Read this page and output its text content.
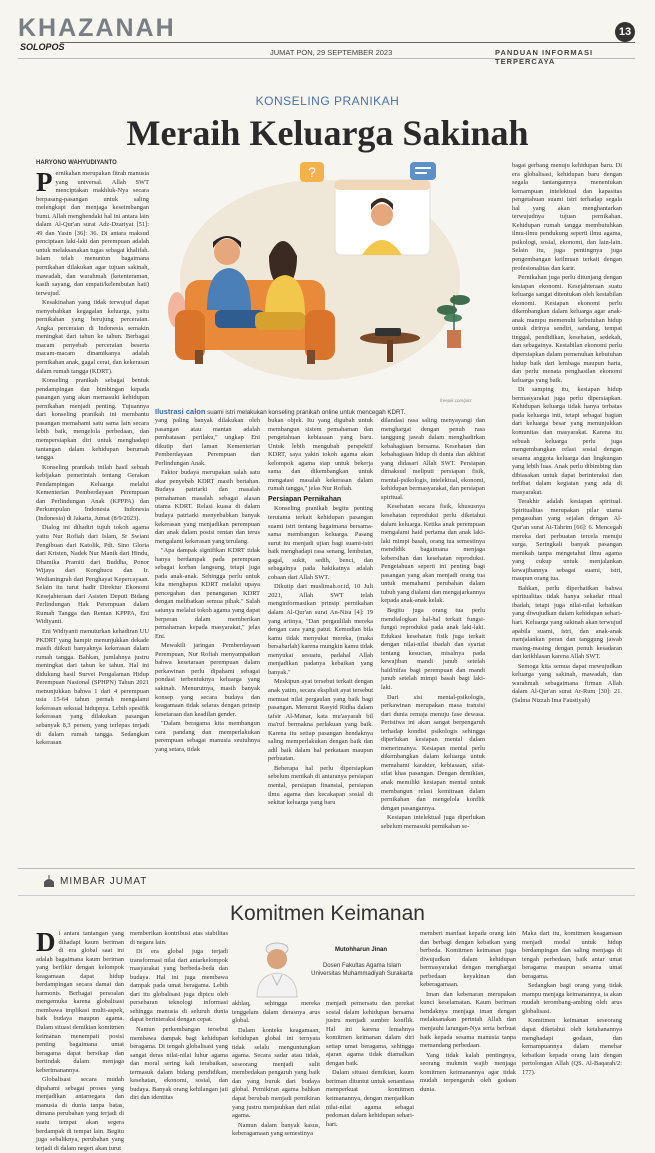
KHAZANAH
SOLOPOS
13
JUMAT PON, 29 SEPTEMBER 2023	PANDUAN INFORMASI TERPERCAYA
KONSELING PRANIKAH
Meraih Keluarga Sakinah
HARYONO WAHYUDIYANTO
P ernikahan merupakan fitrah manusia yang universal. Allah SWT menciptakan makhluk-Nya secara berpasang-pasangan untuk saling melengkapi dan menjaga keseimbangan bumi. Allah menghendaki hal ini antara lain dalam Al-Qur'an surat Adz-Dzariyat [51]: 49 dan Yasin [36]: 36. Di antara maksud penciptaan laki-laki dan perempuan adalah untuk melaksanakan tugas sebagai khalifah. Islam telah menuntun bagaimana pernikahan dilakukan agar tujuan sakinah, mawadah, dan warahmah (ketenteraman, kasih sayang, dan empati/kelembutan hati) terwujud.

Kesakinahan yang tidak terwujud dapat menyebabkan kegagalan keluarga, yaitu pernikahan yang berujung perceraian. Angka perceraian di Indonesia semakin meningkat dari tahun ke tahun. Berbagai macam penyebab perceraian beserta macam-macam dinamikanya adalah pernikahan anak, gagal cerai, dan kekerasan dalam rumah tangga (KDRT).

Konseling pranikah sebagai bentuk pendampingan dan bimbingan kepada pasangan yang akan memasuki kehidupan pernikahan menjadi penting. Tujuannya dari konseling pranikah ini membantu pasangan memahami satu sama lain secara lebih baik, mengelola perbedaan, dan mempersiapkan diri untuk menghadapi tantangan dalam kehidupan berumah tangga.

Konseling pranikah inilah hasil sebuah kebijakan pemerintah tentang Gerakan Pendampingan Keluarga melalui Kementerian Pemberdayaan Perempuan dan Perlindungan Anak (KPPPA) dan Perkumpulan Indonesia Indonesia (Indonesia) di Jakarta, Jumat (8/9/2023).

Dialog ini dihadiri tujuh tokoh agama yaitu Nur Rofiah dari Islam, Sr Swiani Pengibuan dari Katolik, Pdt. Sino Gloria dari Kristen, Nadek Nur Manik dari Hindu, Dhamika Pramiti dari Buddha, Ponor Wijaya dari Konghucu dan Ir. Wedianingrah dari Penghayat Kepercayaan. Selain itu turut hadir Direktur Ekonomi Kesejahteraan dari Asisten Deputi Bidang Perlindungan Hak Perempuan dalam Rumah Tangga dan Rentan KPPPA, Eni Widiyanti.

Eni Widiyanti menuturkan kehadiran UU PKDRT yang hampir menunjukkan dekade masih diikuti banyaknya kekerasan dalam rumah tangga. Bahkan, jumlahnya justru meningkat dari tahun ke tahun. Hal ini didukung hasil Survei Pengalaman Hidup Perempuan Nasional (SPHPN) Tahun 2021 menunjukkan bahwa 1 dari 4 perempuan usia 15-64 tahun pernah mengalami kekerasan seksual hidupnya. Lebih spesifik kekerasan yang dilakukan pasangan sebanyak 8,3 persen, yang terlepas terjadi di dalam rumah tangga. Sedangkan kekerasan

?
freepik.com/pict
Ilustrasi calon suami istri melakukan konseling pranikah online untuk mencegah KDRT.

yang paling banyak dilakukan oleh pasangan atau mantan adalah pembatasan perilaku," ungkap Eni dikutip dari laman Kementerian Pemberdayaan Perempuan dan Perlindungan Anak.

Faktor budaya merupakan salah satu akar penyebab KDRT masih bertahan. Budaya patriarki dan masalah pemahaman masalah sebagai alasan utama KDRT. Relasi kuasa di dalam budaya patriarki menyebabkan banyak kekerasan yang menjadikan perempuan dan anak dalam posisi rentan dan terus mengalami kekerasan yang terulang.

"Apa dampak signifikan KDRT tidak hanya berdampak pada perempuan sebagai korban langsung, tetapi juga pada anak-anak. Sehingga perlu untuk kita menghapus KDRT melalui upaya pencegahan dan penanganan KDRT dengan melibatkan semua pihak." Salah satunya melalui tokoh agama yang dapat berperan dalam memberikan pemahaman kepada masyarakat," jelas Eni.

Mewakili jaringan Pemberdayaan Perempuan, Nur Rofiah menyampaikan bahwa kesetaraan perempuan dalam perkawinan perlu dipahami sebagai pondasi terbentuknya keluarga yang sakinah. Menurutnya, masih banyak konsep yang secara budaya dan keagamaan tidak selaras dengan prinsip kesetaraan dan keadilan gender.

"Dalam beragama kita membangun cara pandang dan memperlakukan perempuan sebagai manusia seutuhnya yang setara, tidak

bukan objek. Itu yang digubah untuk membangun sistem pemahaman dan pengetahuan kebiasaan yang baru. Untuk lebih mengubah perspektif KDRT, saya yakin tokoh agama akan kelompok agama siap untuk bekerja sama dan dikembangkan untuk mengatasi masalah kekerasan dalam rumah tangga," jelas Nur Rofiah.

Persiapan Pernikahan

Konseling pranikah begitu penting terutama terkait kehidupan pasangan suami istri tentang bagaimana bersama-sama membangun keluarga. Pasang surut itu menjadi ujian bagi suami-istri baik menghadapi rasa senang, lembutan, gagal, sukit, sedih, benci, dan sebagainya pada hakikatnya adalah cobaan dari Allah SWT.

Dikutip dari muslimah.or.id, 10 Juli 2021, Allah SWT telah menginformasikan prinsip pernikahan dalam Al-Qur'an surat An-Nisa [4]: 19 yang artinya, "Dan pergaulilah mereka dengan cara yang patut. Kemudian bila kamu tidak menyukai mereka, (maka bersabarlah) karena mungkin kamu tidak menyukai sesuatu, padahal Allah menjadikan padanya kebaikan yang banyak."

Meskipun ayat tersebut terkait dengan anak yatim, secara eksplisit ayat tersebut memuat nilai pergaulan yang baik bagi pasangan. Menurut Rasyid Ridha dalam tafsir Al-Manar, kata mu'asyarah bil ma'ruf bermakna perlakuan yang baik. Karena itu setiap pasangan hendaknya saling memperlakukan dengan baik dan adil baik dalam hal perkataan maupun perbuatan.

Beberapa hal perlu dipersiapkan sebelum menikah di antaranya persiapan mental, persiapan finansial, persiapan ilmu agama dan kecakapan sosial di sekitar keluarga yang baru

dilandasi rasa saling menyayangi dan menghargai dengan penuh rasa tanggung jawab dalam menghadirkan kebahagiaan bersama. Kesehatan dan kebahagiaan hidup di dunia dan akhirat yang didasari Allah SWT. Persiapan dimaksud meliputi persiapan fisik, mental-psikologis, intelektual, ekonomi, kehidupan bermasyarakat, dan persiapan spiritual.

Kesehatan secara fisik, khususnya kesehatan reproduksi perlu diketahui dalam keluarga. Ketika anak perempuan mengalami haid pertama dan anak laki-laki mimpi basah, orang tua semestinya mendidik bagaimana menjaga kebersihan dan kesehatan reproduksi. Pengetahuan seperti ini penting bagi pasangan yang akan menjadi orang tua untuk memahami perubahan dalam tubuh yang dialami dan mengajarkannya kepada anak-anak kelak.

Begitu juga orang tua perlu mendialogkan hal-hal terkait fungsi-fungsi reproduksi pada anak laki-laki. Edukasi kesehatan fisik juga terkait dengan nilai-nilai ibadah dan syariat tentang kesucian, misalnya pada kewajiban mandi junub setelah haid/nifas bagi perempuan dan mandi junub setelah mimpi basah bagi laki-laki.

Dari sisi mental-psikologis, perkawinan merupakan masa transisi dari dunia remaja menuju fase dewasa. Peristiwa ini akan sangat berpengaruh terhadap kondisi psikologis sehingga diperlukan kesiapan mental dalam menerimanya. Kesiapan mental perlu dikembangkan dalam keluarga untuk memahami karakter, kebiasaan, sifat-sifat khas pasangan. Dengan demikian, anak memiliki kesiapan mental untuk membangun relasi kemitraan dalam pernikahan dan mengelola konflik dengan pasangannya.

Kesiapan intelektual juga diperlukan sebelum memasuki pernikahan se-

bagai gerbang menuju kehidupan baru. Di era globalisasi, kehidupan baru dengan segala tantangannya menentukan kemampuan intelektual dan kapasitas pengetahuan suami istri terhadap segala hal yang akan menghantarkan terwujudnya tujuan pernikahan. Kehidupan rumah tangga membutuhkan ilmu-ilmu pendukung seperti ilmu agama, psikologi, sosial, ekonomi, dan lain-lain. Selain itu, juga pentingnya juga pengembangan keilmuan terkait dengan profesionalitas dan karir.

Pernikahan juga perlu ditunjang dengan kesiapan ekonomi. Kesejahteraan suatu keluarga sangat ditentukan oleh kestabilan ekonomi. Kesiapan ekonomi perlu dikembangkan dalam keluarga agar anak-anak mampu memenuhi kebutuhan hidup untuk dirinya sendiri, sandang, tempat tinggal, pendidikan, kesehatan, sedekah, dan sebagainya. Kestabilan ekonomi perlu dipersiapkan dalam pemenuhan kebutuhan hidup baik dari lembaga maupun harta, dan perlu menata penghasilan ekonomi keluarga yang baik.

Di samping itu, kesiapan hidup bermasyarakat juga perlu dipersiapkan. Kehidupan keluarga tidak hanya terbatas pada keluarga inti, tetapi sebagai bagian dari keluarga besar yang menunjukkan komunitas dan masyarakat. Karena itu sebuah keluarga perlu juga mengembangkan relasi sosial dengan sesama anggota keluarga dan lingkungan yang lebih luas. Anak perlu dibimbing dan dibiasakan untuk dapat berinteraksi dan terlibat dalam kegiatan yang ada di masyarakat.

Terakhir adalah kesiapan spiritual. Spiritualitas merupakan pilar utama pengasuhan yang sejalan dengan Al-Qur'an surat At-Tahrim [66]: 6. Mencegah mereka dari perbuatan tercela menuju surga. Seringkali banyak pasangan menikah tanpa mengetahui ilmu agama yang cukup untuk menjalankan kewajibannya sebagai suami, istri, maupun orang tua.

Bahkan, perlu diperhatikan bahwa spiritualitas tidak hanya sekadar ritual ibadah, tetapi juga nilai-nilai kebaikan yang diwujudkan dalam kehidupan sehari-hari. Keluarga yang sakinah akan terwujud apabila suami, istri, dan anak-anak menjalankan peran dan tanggung jawab masing-masing dengan penuh kesadaran dan keikhlasan karena Allah SWT.

Semoga kita semua dapat mewujudkan keluarga yang sakinah, mawadah, dan warahmah sebagaimana firman Allah dalam Al-Qur'an surat Ar-Rum [30]: 21. (Salma Nizzah Ima Faustiyah)

MIMBAR JUMAT
Komitmen Keimanan
Mutohharun Jinan
Dosen Fakultas Agama Islam Universitas Muhammadiyah Surakarta
D i antara tantangan yang dihadapi kaum beriman di era global saat ini adalah bagaimana kaum beriman yang berfikir dengan kelompok keagamaan dapat hidup berdampingan secara damai dan harmonis. Berbagai persoalan mengemuka karena globalisasi membawa implikasi multi-aspek, baik budaya maupun agama. Dalam situasi demikian komitmen keimanan menempati posisi penting bagaimana umat beragama dapat bersikap dan bertindak dalam menjaga keberimanannya.

Globalisasi secara mudah dipahami sebagai proses yang menjadikan antarnegara dan manusia di dunia tanpa batas, dimana perubahan yang terjadi di suatu tempat akan segera berdampak di tempat lain. Begitu juga sebaliknya, perubahan yang terjadi di dalam negeri akan turut

memberikan kontribusi atas stabilitas di negara lain.

Di era global juga terjadi transformasi nilai dari antarkelompok masyarakat yang berbeda-beda dan budaya. Hal ini juga membawa dampak pada umat beragama. Lebih dari itu globalisasi juga dipicu oleh persebaran teknologi informasi sehingga manusia di seluruh dunia dapat berinteraksi dengan cepat.

Namun perkembangan tersebut membawa dampak bagi kehidupan beragama. Di tengah globalisasi yang sangat deras nilai-nilai luhur agama dan moral sering kali terabaikan, termasuk dalam bidang pendidikan, kesehatan, ekonomi, sosial, dan budaya. Banyak orang kehilangan jati diri dan identitas

akhlaq, sehingga mereka tenggelam dalam derasnya arus global.

Dalam konteks keagamaan, kehidupan global ini ternyata tidak selalu menguntungkan agama. Secara sadar atau tidak, seseorang menjadi sulit membedakan pengaruh yang baik dan yang buruk dari budaya global. Pemikiran agama bahkan dapat berubah menjadi pemikiran yang justru menjauhkan dari nilai agama.

Namun dalam banyak kasus, keberagamaan yang semestinya

menjadi pemersatu dan perekat sosial dalam kehidupan bersama justru menjadi sumber konflik. Hal ini karena lemahnya komitmen keimanan dalam diri setiap umat beragama, sehingga ajaran agama tidak diamalkan dengan baik.

Dalam situasi demikian, kaum beriman dituntut untuk senantiasa memperkuat komitmen keimanannya, dengan menjadikan nilai-nilai agama sebagai pedoman dalam kehidupan sehari-hari.

memberi manfaat kepada orang lain dan berbagi dengan kebaikan yang berbeda. Komitmen keimanan juga diwujudkan dalam kehidupan bermasyarakat dengan menghargai perbedaan keyakinan dan keberagamaan.

Iman dan kebenaran merupakan kunci keselamatan. Kaum beriman hendaknya menjaga iman dengan melaksanakan perintah Allah dan menjauhi larangan-Nya serta berbuat baik kepada sesama manusia tanpa memandang perbedaan.

Yang tidak kalah pentingnya, seorang mukmin wajib menjaga komitmen keimanannya agar tidak mudah terpengaruh oleh godaan dunia.

Maka dari itu, komitmen keagamaan menjadi modal untuk hidup berdampingan dan saling menjaga di tengah perbedaan, baik antar umat beragama maupun sesama umat beragama.

Sedangkan bagi orang yang tidak mampu menjaga keimanannya, ia akan mudah terombang-ambing oleh arus globalisasi.

Komitmen keimanan seseorang dapat diketahui oleh ketahanannya menghadapi godaan, dan kemampuannya dalam menebar kebaikan kepada orang lain dengan pertolongan Allah (QS. Al-Baqarah/2: 177).
